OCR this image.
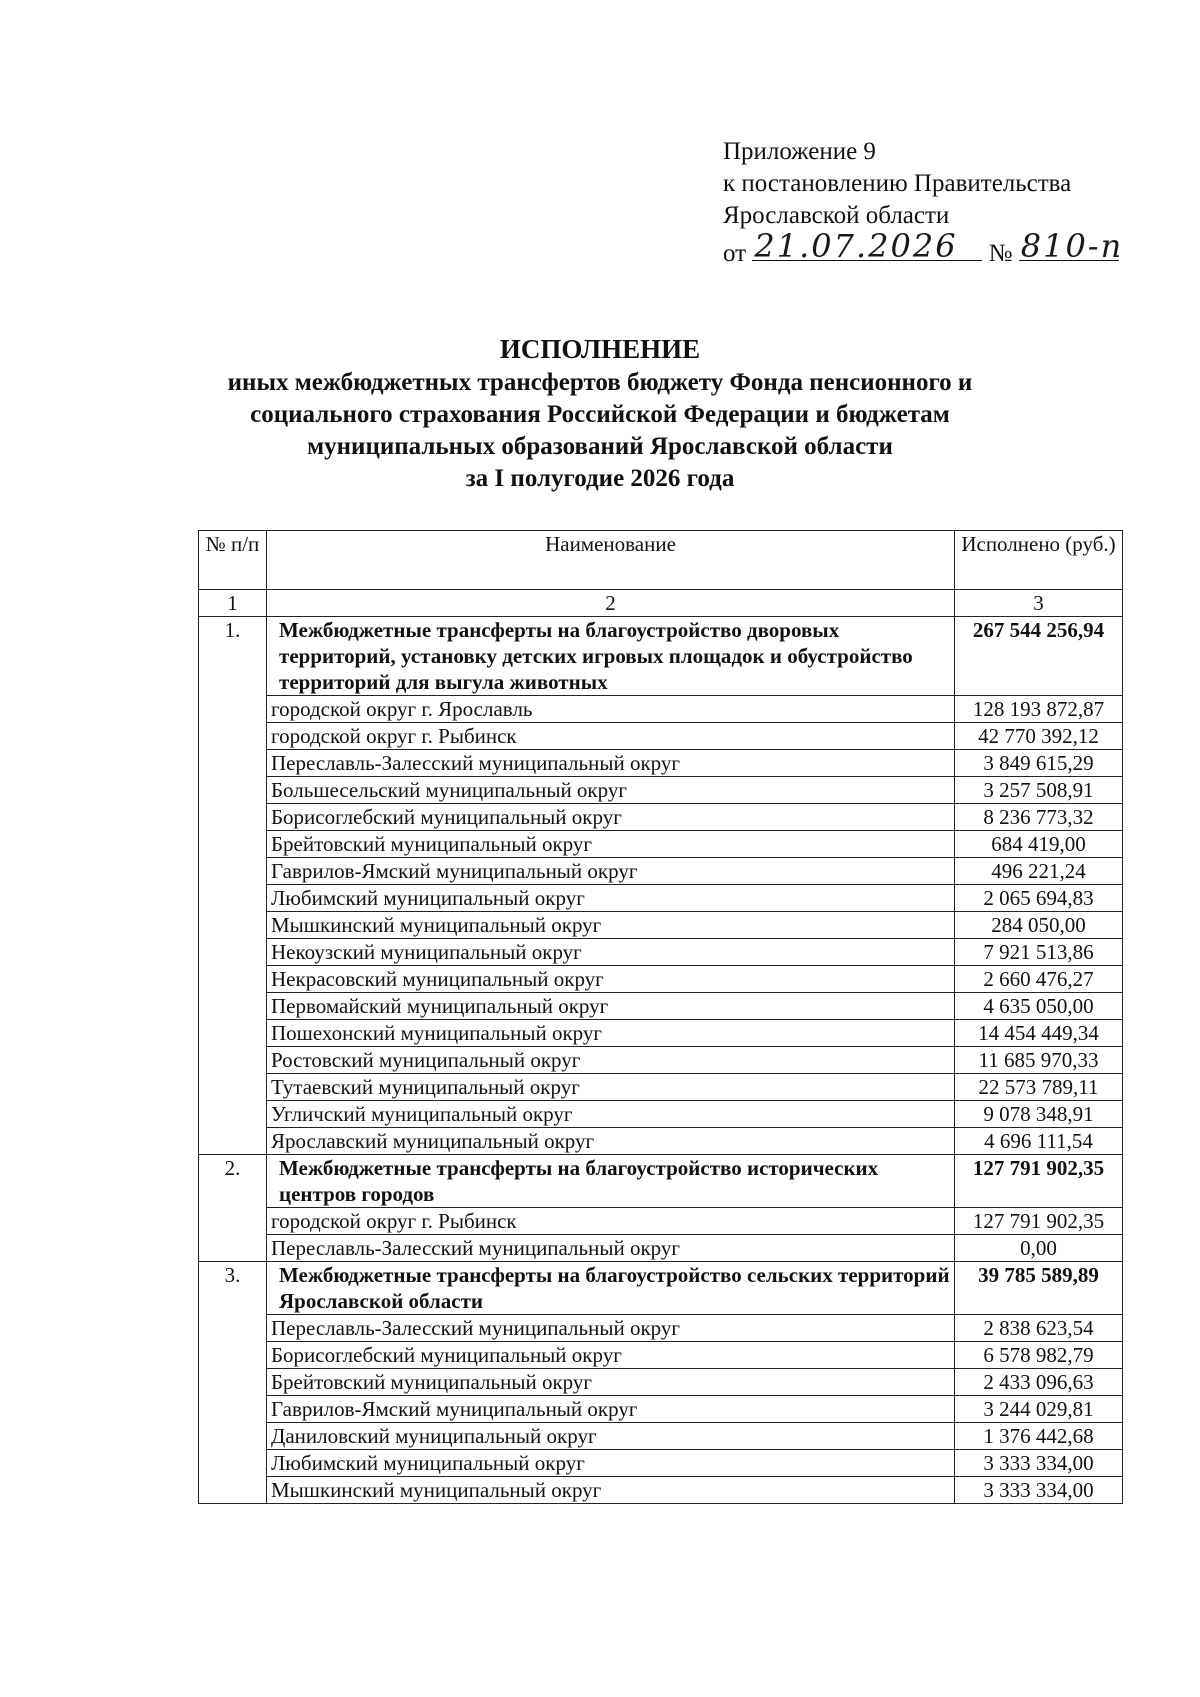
Приложение 9
к постановлению Правительства
Ярославской области
от 21.07.2026 № 810-п
ИСПОЛНЕНИЕ
иных межбюджетных трансфертов бюджету Фонда пенсионного и
социального страхования Российской Федерации и бюджетам
муниципальных образований Ярославской области
за I полугодие 2026 года
№ п/п	Наименование	Исполнено (руб.)
1	2	3
1.	Межбюджетные трансферты на благоустройство дворовых территорий, установку детских игровых площадок и обустройство территорий для выгула животных	267 544 256,94
	городской округ г. Ярославль	128 193 872,87
	городской округ г. Рыбинск	42 770 392,12
	Переславль-Залесский муниципальный округ	3 849 615,29
	Большесельский муниципальный округ	3 257 508,91
	Борисоглебский муниципальный округ	8 236 773,32
	Брейтовский муниципальный округ	684 419,00
	Гаврилов-Ямский муниципальный округ	496 221,24
	Любимский муниципальный округ	2 065 694,83
	Мышкинский муниципальный округ	284 050,00
	Некоузский муниципальный округ	7 921 513,86
	Некрасовский муниципальный округ	2 660 476,27
	Первомайский муниципальный округ	4 635 050,00
	Пошехонский муниципальный округ	14 454 449,34
	Ростовский муниципальный округ	11 685 970,33
	Тутаевский муниципальный округ	22 573 789,11
	Угличский муниципальный округ	9 078 348,91
	Ярославский муниципальный округ	4 696 111,54
2.	Межбюджетные трансферты на благоустройство исторических центров городов	127 791 902,35
	городской округ г. Рыбинск	127 791 902,35
	Переславль-Залесский муниципальный округ	0,00
3.	Межбюджетные трансферты на благоустройство сельских территорий Ярославской области	39 785 589,89
	Переславль-Залесский муниципальный округ	2 838 623,54
	Борисоглебский муниципальный округ	6 578 982,79
	Брейтовский муниципальный округ	2 433 096,63
	Гаврилов-Ямский муниципальный округ	3 244 029,81
	Даниловский муниципальный округ	1 376 442,68
	Любимский муниципальный округ	3 333 334,00
	Мышкинский муниципальный округ	3 333 334,00
